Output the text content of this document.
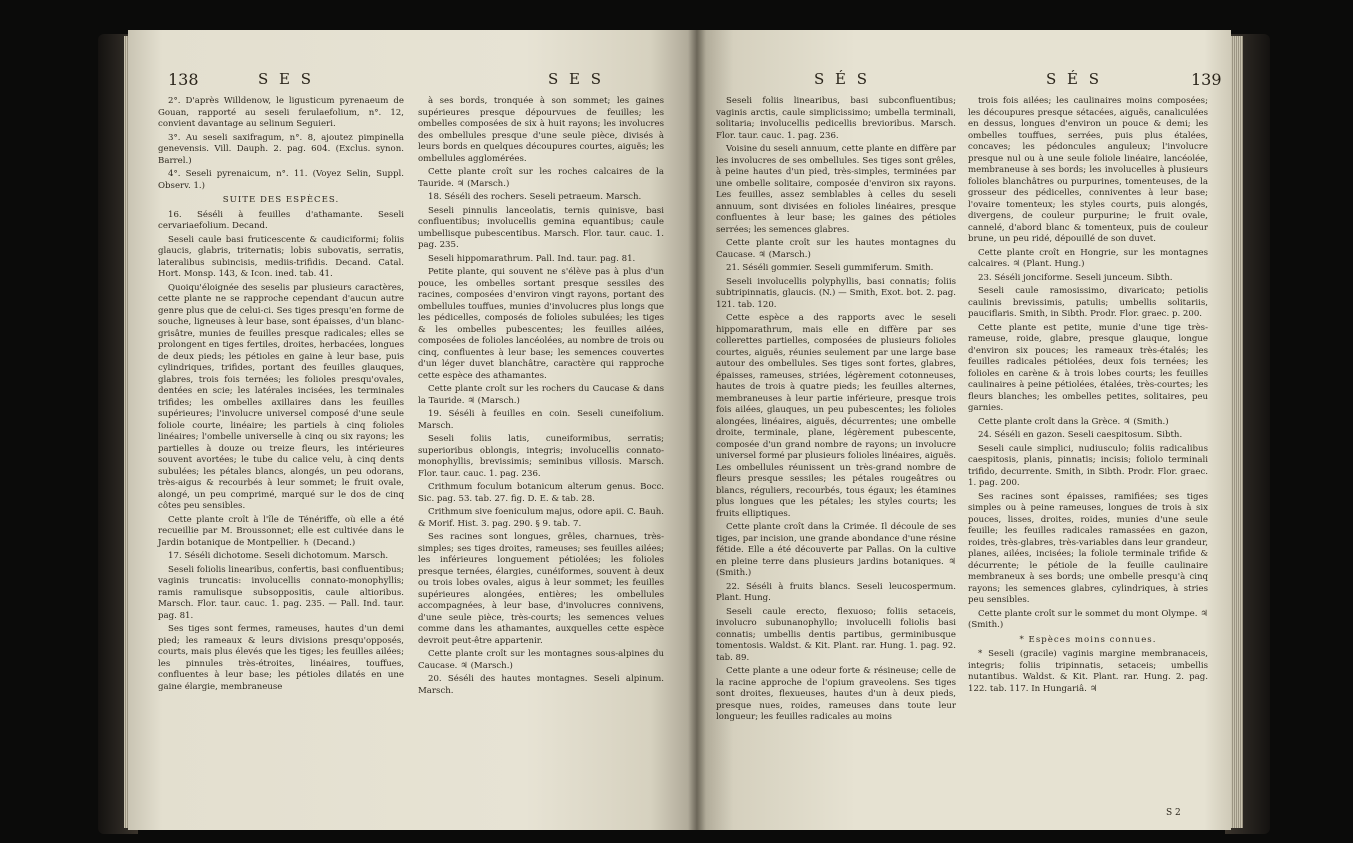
138	S E S	S E S

2°. D'après Willdenow, le ligusticum pyrenaeum de Gouan, rapporté au seseli ferulaefolium, n°. 12, convient davantage au selinum Seguieri.

3°. Au seseli saxifragum, n°. 8, ajoutez pimpinella genevensis. Vill. Dauph. 2. pag. 604. (Exclus. synon. Barrel.)

4°. Seseli pyrenaicum, n°. 11. (Voyez Selin, Suppl. Observ. 1.)

SUITE DES ESPÈCES.

16. Séséli à feuilles d'athamante. Seseli cervariaefolium. Decand.

Seseli caule basi fruticescente & caudiciformi; foliis glaucis, glabris, triternatis; lobis subovatis, serratis, lateralibus subincisis, mediis-trifidis. Decand. Catal. Hort. Monsp. 143, & Icon. ined. tab. 41.

Quoiqu'éloignée des seselis par plusieurs caractères, cette plante ne se rapproche cependant d'aucun autre genre plus que de celui-ci. Ses tiges presqu'en forme de souche, ligneuses à leur base, sont épaisses, d'un blanc-grisâtre, munies de feuilles presque radicales; elles se prolongent en tiges fertiles, droites, herbacées, longues de deux pieds; les pétioles en gaine à leur base, puis cylindriques, trifides, portant des feuilles glauques, glabres, trois fois ternées; les folioles presqu'ovales, dentées en scie; les latérales incisées, les terminales trifides; les ombelles axillaires dans les feuilles supérieures; l'involucre universel composé d'une seule foliole courte, linéaire; les partiels à cinq folioles linéaires; l'ombelle universelle à cinq ou six rayons; les partielles à douze ou treize fleurs, les intérieures souvent avortées; le tube du calice velu, à cinq dents subulées; les pétales blancs, alongés, un peu odorans, très-aigus & recourbés à leur sommet; le fruit ovale, alongé, un peu comprimé, marqué sur le dos de cinq côtes peu sensibles.

Cette plante croît à l'île de Ténériffe, où elle a été recueillie par M. Broussonnet; elle est cultivée dans le Jardin botanique de Montpellier. ♄ (Decand.)

17. Séséli dichotome. Seseli dichotomum. Marsch.

Seseli foliolis linearibus, confertis, basi confluentibus; vaginis truncatis: involucellis connato-monophyllis; ramis ramulisque subsoppositis, caule altioribus. Marsch. Flor. taur. cauc. 1. pag. 235. — Pall. Ind. taur. pag. 81.

Ses tiges sont fermes, rameuses, hautes d'un demi pied; les rameaux & leurs divisions presqu'opposés, courts, mais plus élevés que les tiges; les feuilles ailées; les pinnules très-étroites, linéaires, touffues, confluentes à leur base; les pétioles dilatés en une gaine élargie, membraneuse

à ses bords, tronquée à son sommet; les gaines supérieures presque dépourvues de feuilles; les ombelles composées de six à huit rayons; les involucres des ombellules presque d'une seule pièce, divisés à leurs bords en quelques découpures courtes, aiguës; les ombellules agglomérées.

Cette plante croît sur les roches calcaires de la Tauride. ♃ (Marsch.)

18. Séséli des rochers. Seseli petraeum. Marsch.

Seseli pinnulis lanceolatis, ternis quinisve, basi confluentibus; involucellis gemina equantibus; caule umbellisque pubescentibus. Marsch. Flor. taur. cauc. 1. pag. 235.

Seseli hippomarathrum. Pall. Ind. taur. pag. 81.

Petite plante, qui souvent ne s'élève pas à plus d'un pouce, les ombelles sortant presque sessiles des racines, composées d'environ vingt rayons, portant des ombellules touffues, munies d'involucres plus longs que les pédicelles, composés de folioles subulées; les tiges & les ombelles pubescentes; les feuilles ailées, composées de folioles lancéolées, au nombre de trois ou cinq, confluentes à leur base; les semences couvertes d'un léger duvet blanchâtre, caractère qui rapproche cette espèce des athamantes.

Cette plante croît sur les rochers du Caucase & dans la Tauride. ♃ (Marsch.)

19. Séséli à feuilles en coin. Seseli cuneifolium. Marsch.

Seseli foliis latis, cuneiformibus, serratis; superioribus oblongis, integris; involucellis connato-monophyllis, brevissimis; seminibus villosis. Marsch. Flor. taur. cauc. 1. pag. 236.

Crithmum foculum botanicum alterum genus. Bocc. Sic. pag. 53. tab. 27. fig. D. E. & tab. 28.

Crithmum sive foeniculum majus, odore apii. C. Bauh. & Morif. Hist. 3. pag. 290. § 9. tab. 7.

Ses racines sont longues, grêles, charnues, très-simples; ses tiges droites, rameuses; ses feuilles ailées; les inférieures longuement pétiolées; les folioles presque ternées, élargies, cunéiformes, souvent à deux ou trois lobes ovales, aigus à leur sommet; les feuilles supérieures alongées, entières; les ombellules accompagnées, à leur base, d'involucres connivens, d'une seule pièce, très-courts; les semences velues comme dans les athamantes, auxquelles cette espèce devroit peut-être appartenir.

Cette plante croît sur les montagnes sous-alpines du Caucase. ♃ (Marsch.)

20. Séséli des hautes montagnes. Seseli alpinum. Marsch.

S É S	S É S	139

Seseli foliis linearibus, basi subconfluentibus; vaginis arctis, caule simplicissimo; umbella terminali, solitaria; involucellis pedicellis brevioribus. Marsch. Flor. taur. cauc. 1. pag. 236.

Voisine du seseli annuum, cette plante en diffère par les involucres de ses ombellules. Ses tiges sont grêles, à peine hautes d'un pied, très-simples, terminées par une ombelle solitaire, composée d'environ six rayons. Les feuilles, assez semblables à celles du seseli annuum, sont divisées en folioles linéaires, presque confluentes à leur base; les gaines des pétioles serrées; les semences glabres.

Cette plante croît sur les hautes montagnes du Caucase. ♃ (Marsch.)

21. Séséli gommier. Seseli gummiferum. Smith.

Seseli involucellis polyphyllis, basi connatis; foliis subtripinnatis, glaucis. (N.) — Smith, Exot. bot. 2. pag. 121. tab. 120.

Cette espèce a des rapports avec le seseli hippomarathrum, mais elle en diffère par ses collerettes partielles, composées de plusieurs folioles courtes, aiguës, réunies seulement par une large base autour des ombellules. Ses tiges sont fortes, glabres, épaisses, rameuses, striées, légèrement cotonneuses, hautes de trois à quatre pieds; les feuilles alternes, membraneuses à leur partie inférieure, presque trois fois ailées, glauques, un peu pubescentes; les folioles alongées, linéaires, aiguës, décurrentes; une ombelle droite, terminale, plane, légèrement pubescente, composée d'un grand nombre de rayons; un involucre universel formé par plusieurs folioles linéaires, aiguës. Les ombellules réunissent un très-grand nombre de fleurs presque sessiles; les pétales rougeâtres ou blancs, réguliers, recourbés, tous égaux; les étamines plus longues que les pétales; les styles courts; les fruits elliptiques.

Cette plante croît dans la Crimée. Il découle de ses tiges, par incision, une grande abondance d'une résine fétide. Elle a été découverte par Pallas. On la cultive en pleine terre dans plusieurs jardins botaniques. ♃ (Smith.)

22. Séséli à fruits blancs. Seseli leucospermum. Plant. Hung.

Seseli caule erecto, flexuoso; foliis setaceis, involucro subunanophyllo; involucelli foliolis basi connatis; umbellis dentis partibus, germinibusque tomentosis. Waldst. & Kit. Plant. rar. Hung. 1. pag. 92. tab. 89.

Cette plante a une odeur forte & résineuse; celle de la racine approche de l'opium graveolens. Ses tiges sont droites, flexueuses, hautes d'un à deux pieds, presque nues, roides, rameuses dans toute leur longueur; les feuilles radicales au moins

trois fois ailées; les caulinaires moins composées; les découpures presque sétacées, aiguës, canaliculées en dessus, longues d'environ un pouce & demi; les ombelles touffues, serrées, puis plus étalées, concaves; les pédoncules anguleux; l'involucre presque nul ou à une seule foliole linéaire, lancéolée, membraneuse à ses bords; les involucelles à plusieurs folioles blanchâtres ou purpurines, tomenteuses, de la grosseur des pédicelles, conniventes à leur base; l'ovaire tomenteux; les styles courts, puis alongés, divergens, de couleur purpurine; le fruit ovale, cannelé, d'abord blanc & tomenteux, puis de couleur brune, un peu ridé, dépouillé de son duvet.

Cette plante croît en Hongrie, sur les montagnes calcaires. ♃ (Plant. Hung.)

23. Séséli jonciforme. Seseli junceum. Sibth.

Seseli caule ramosissimo, divaricato; petiolis caulinis brevissimis, patulis; umbellis solitariis, pauciflaris. Smith, in Sibth. Prodr. Flor. graec. p. 200.

Cette plante est petite, munie d'une tige très-rameuse, roide, glabre, presque glauque, longue d'environ six pouces; les rameaux très-étalés; les feuilles radicales pétiolées, deux fois ternées; les folioles en carène & à trois lobes courts; les feuilles caulinaires à peine pétiolées, étalées, très-courtes; les fleurs blanches; les ombelles petites, solitaires, peu garnies.

Cette plante croît dans la Grèce. ♃ (Smith.)

24. Séséli en gazon. Seseli caespitosum. Sibth.

Seseli caule simplici, nudiusculo; foliis radicalibus caespitosis, planis, pinnatis; incisis; foliolo terminali trifido, decurrente. Smith, in Sibth. Prodr. Flor. graec. 1. pag. 200.

Ses racines sont épaisses, ramifiées; ses tiges simples ou à peine rameuses, longues de trois à six pouces, lisses, droites, roides, munies d'une seule feuille; les feuilles radicales ramassées en gazon, roides, très-glabres, très-variables dans leur grandeur, planes, ailées, incisées; la foliole terminale trifide & décurrente; le pétiole de la feuille caulinaire membraneux à ses bords; une ombelle presqu'à cinq rayons; les semences glabres, cylindriques, à stries peu sensibles.

Cette plante croît sur le sommet du mont Olympe. ♃ (Smith.)

* Espèces moins connues.

* Seseli (gracile) vaginis margine membranaceis, integris; foliis tripinnatis, setaceis; umbellis nutantibus. Waldst. & Kit. Plant. rar. Hung. 2. pag. 122. tab. 117. In Hungariâ. ♃

S 2
